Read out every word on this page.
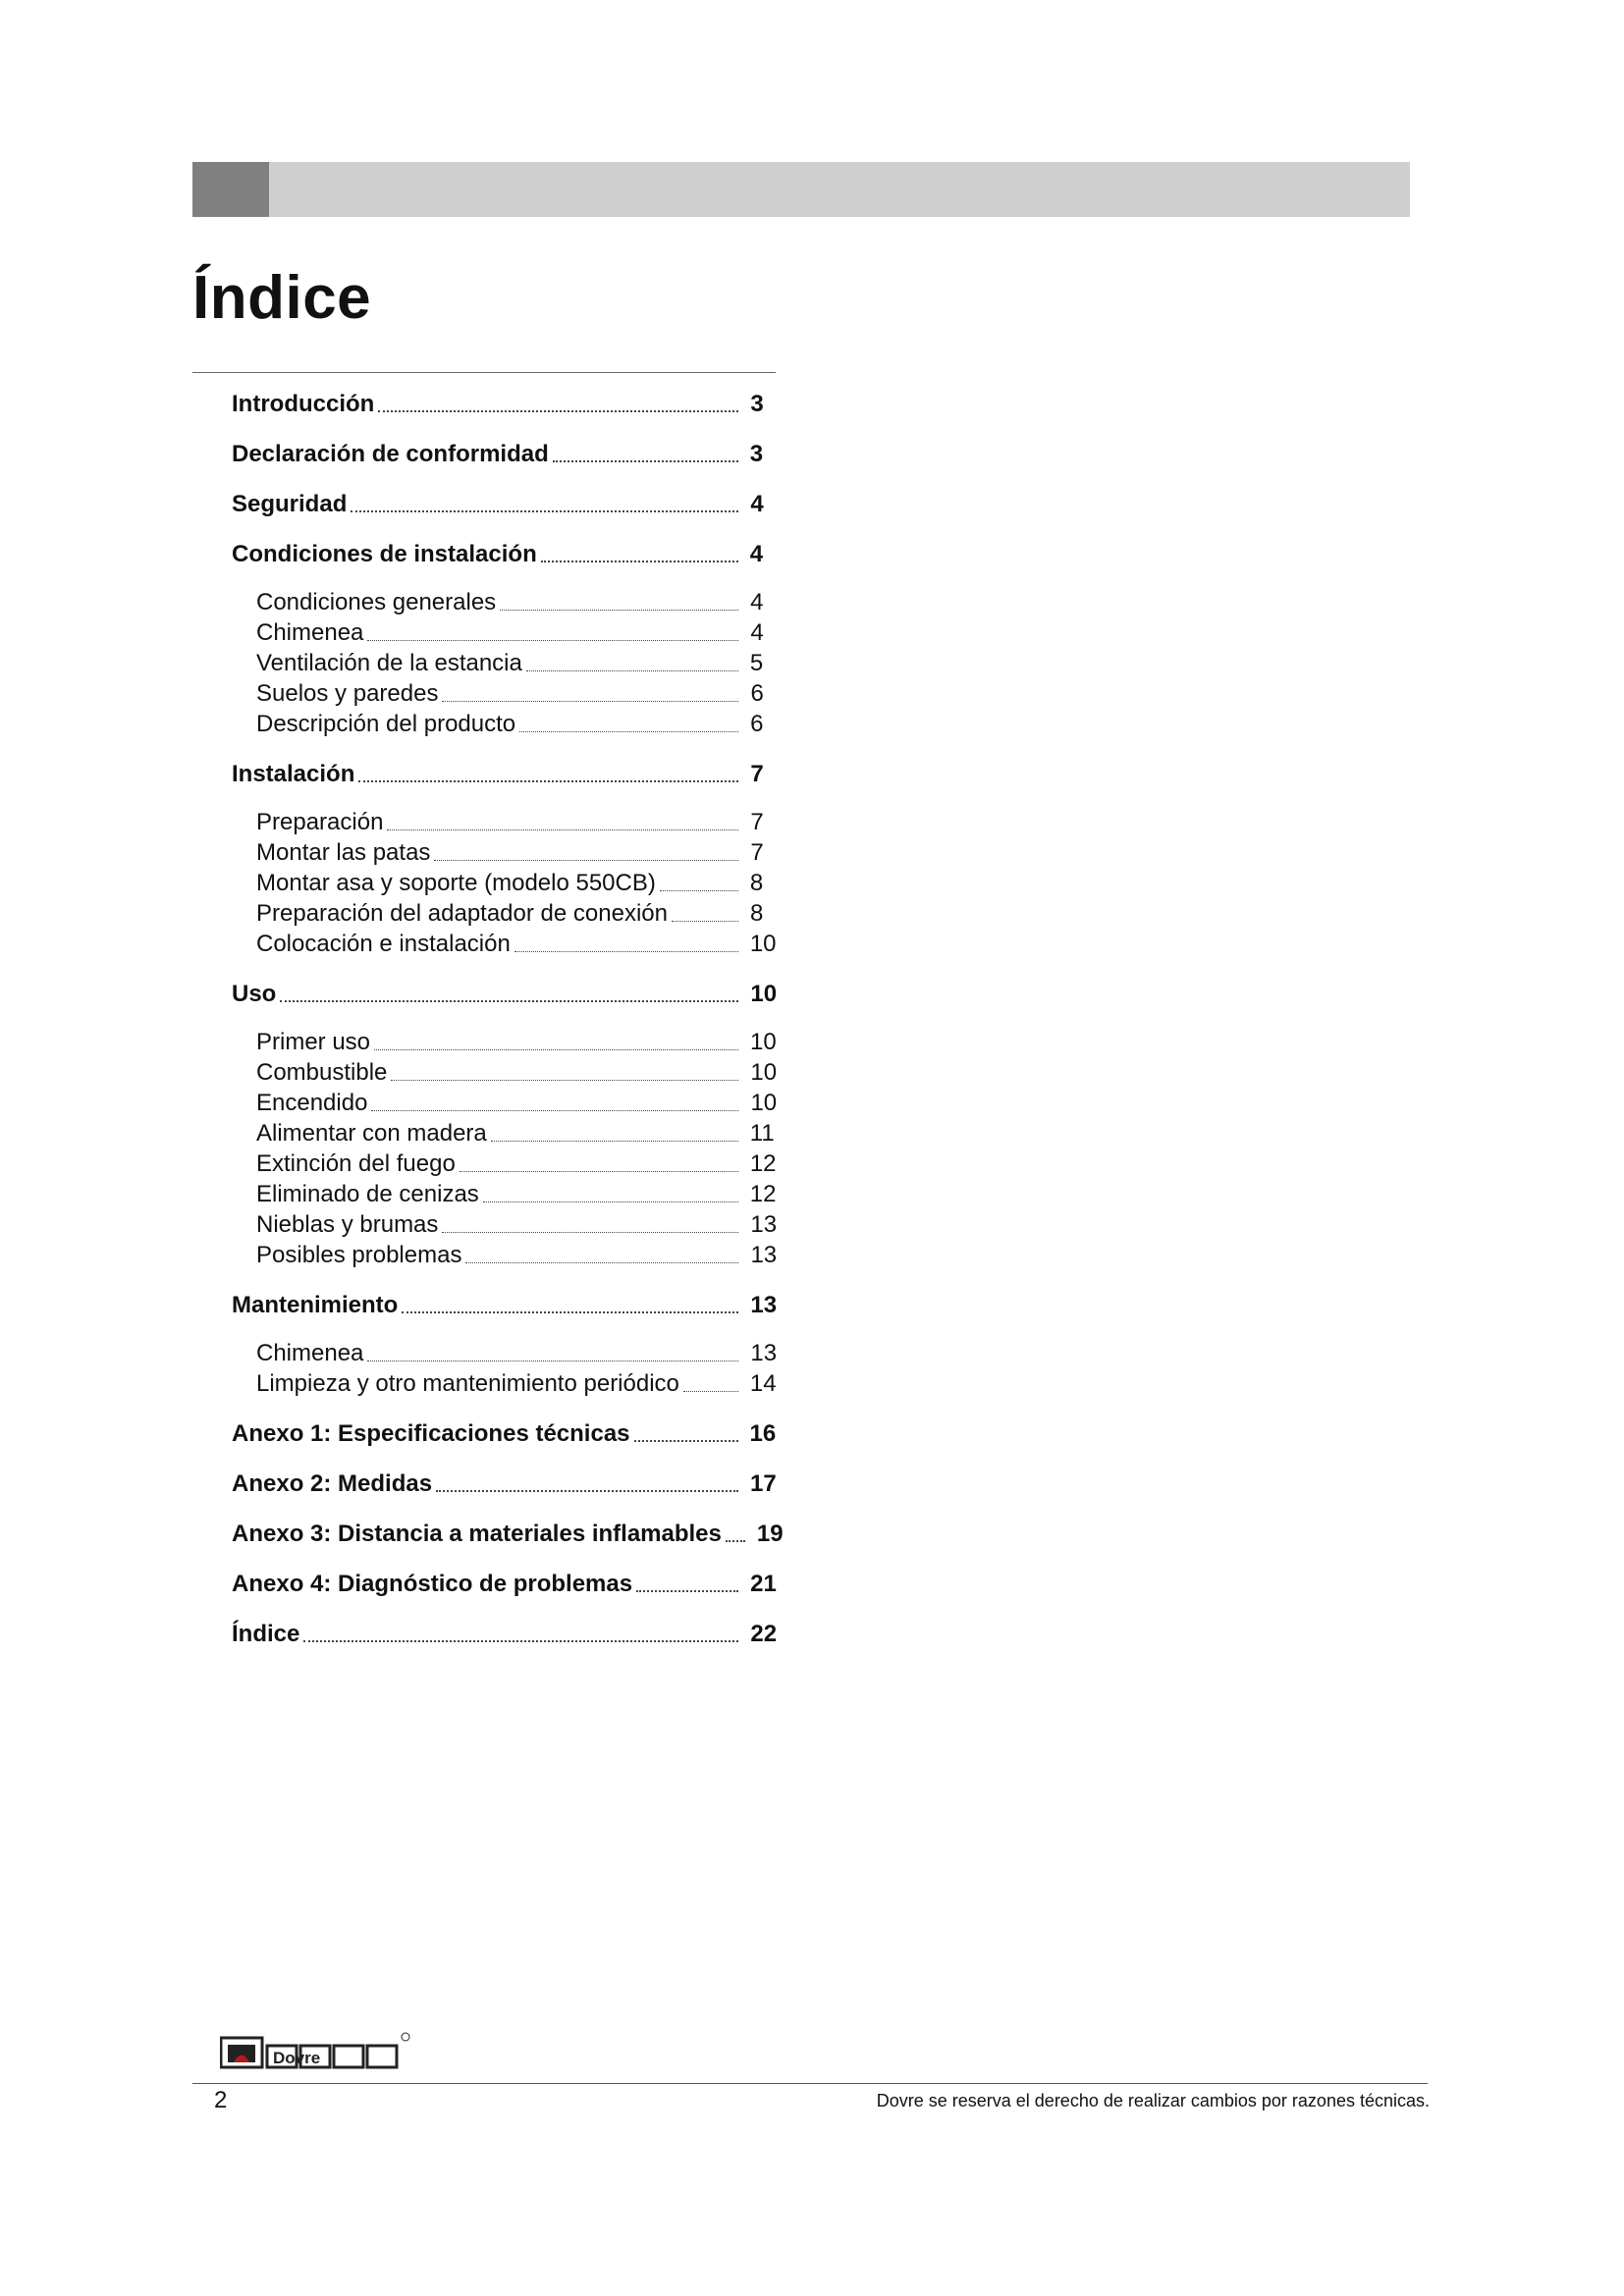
Índice
Introducción	3
Declaración de conformidad	3
Seguridad	4
Condiciones de instalación	4
Condiciones generales	4
Chimenea	4
Ventilación de la estancia	5
Suelos y paredes	6
Descripción del producto	6
Instalación	7
Preparación	7
Montar las patas	7
Montar asa y soporte (modelo 550CB)	8
Preparación del adaptador de conexión	8
Colocación e instalación	10
Uso	10
Primer uso	10
Combustible	10
Encendido	10
Alimentar con madera	11
Extinción del fuego	12
Eliminado de cenizas	12
Nieblas y brumas	13
Posibles problemas	13
Mantenimiento	13
Chimenea	13
Limpieza y otro mantenimiento periódico	14
Anexo 1: Especificaciones técnicas	16
Anexo 2: Medidas	17
Anexo 3: Distancia a materiales inflamables 19
Anexo 4: Diagnóstico de problemas	21
Índice	22
Dovre
2	Dovre se reserva el derecho de realizar cambios por razones técnicas.
